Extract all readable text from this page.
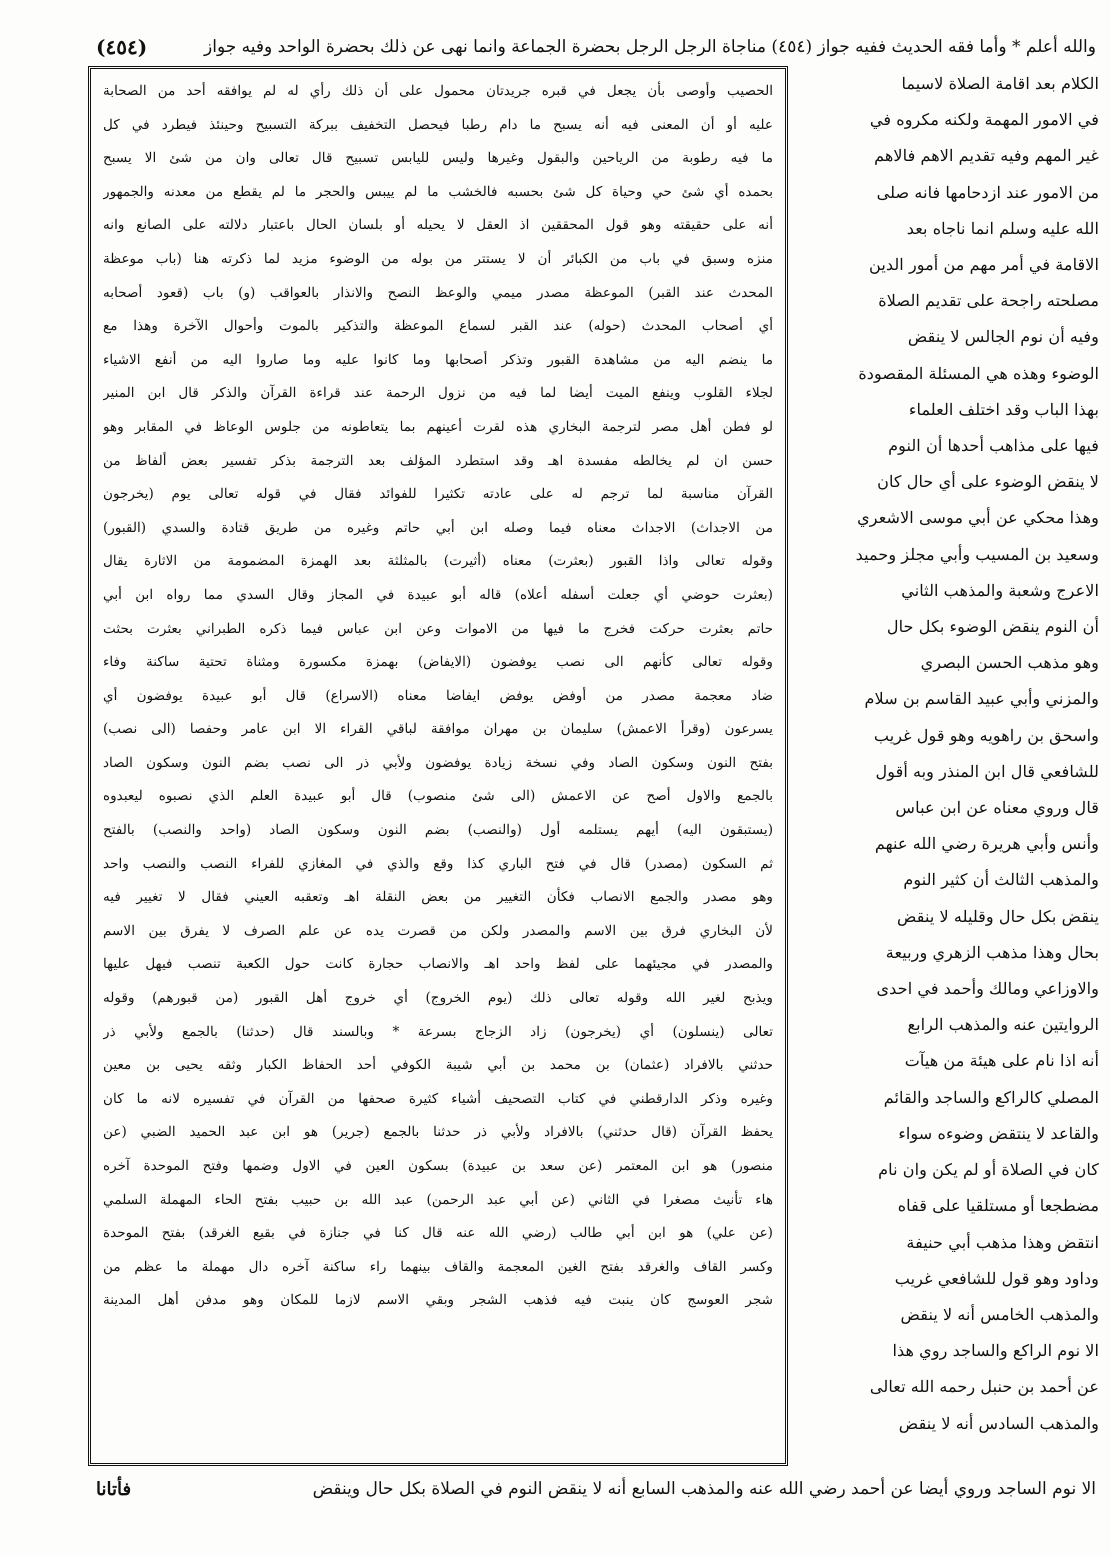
والله أعلم * وأما فقه الحديث ففيه جواز (٤٥٤) مناجاة الرجل الرجل بحضرة الجماعة وانما نهى عن ذلك بحضرة الواحد وفيه جواز
(٤٥٤)
الكلام بعد اقامة الصلاة لاسيما
في الامور المهمة ولكنه مكروه في
غير المهم وفيه تقديم الاهم فالاهم
من الامور عند ازدحامها فانه صلى
الله عليه وسلم انما ناجاه بعد
الاقامة في أمر مهم من أمور الدين
مصلحته راجحة على تقديم الصلاة
وفيه أن نوم الجالس لا ينقض
الوضوء وهذه هي المسئلة المقصودة
بهذا الباب وقد اختلف العلماء
فيها على مذاهب أحدها أن النوم
لا ينقض الوضوء على أي حال كان
وهذا محكي عن أبي موسى الاشعري
وسعيد بن المسيب وأبي مجلز وحميد
الاعرج وشعبة والمذهب الثاني
أن النوم ينقض الوضوء بكل حال
وهو مذهب الحسن البصري
والمزني وأبي عبيد القاسم بن سلام
واسحق بن راهويه وهو قول غريب
للشافعي قال ابن المنذر وبه أقول
قال وروي معناه عن ابن عباس
وأنس وأبي هريرة رضي الله عنهم
والمذهب الثالث أن كثير النوم
ينقض بكل حال وقليله لا ينقض
بحال وهذا مذهب الزهري وربيعة
والاوزاعي ومالك وأحمد في احدى
الروايتين عنه والمذهب الرابع
أنه اذا نام على هيئة من هيآت
المصلي كالراكع والساجد والقائم
والقاعد لا ينتقض وضوءه سواء
كان في الصلاة أو لم يكن وان نام
مضطجعا أو مستلقيا على قفاه
انتقض وهذا مذهب أبي حنيفة
وداود وهو قول للشافعي غريب
والمذهب الخامس أنه لا ينقض
الا نوم الراكع والساجد روي هذا
عن أحمد بن حنبل رحمه الله تعالى
والمذهب السادس أنه لا ينقض
الحصيب وأوصى بأن يجعل في قبره جريدتان محمول على أن ذلك رأي له لم يوافقه أحد من الصحابة
عليه أو أن المعنى فيه أنه يسبح ما دام رطبا فيحصل التخفيف ببركة التسبيح وحينئذ فيطرد في كل
ما فيه رطوبة من الرياحين والبقول وغيرها وليس لليابس تسبيح قال تعالى وان من شئ الا يسبح
بحمده أي شئ حي وحياة كل شئ بحسبه فالخشب ما لم ييبس والحجر ما لم يقطع من معدنه والجمهور
أنه على حقيقته وهو قول المحققين اذ العقل لا يحيله أو بلسان الحال باعتبار دلالته على الصانع وانه
منزه وسبق في باب من الكبائر أن لا يستتر من بوله من الوضوء مزيد لما ذكرته هنا (باب موعظة
المحدث عند القبر) الموعظة مصدر ميمي والوعظ النصح والانذار بالعواقب (و) باب (قعود أصحابه
أي أصحاب المحدث (حوله) عند القبر لسماع الموعظة والتذكير بالموت وأحوال الآخرة وهذا مع
ما ينضم اليه من مشاهدة القبور وتذكر أصحابها وما كانوا عليه وما صاروا اليه من أنفع الاشياء
لجلاء القلوب وينفع الميت أيضا لما فيه من نزول الرحمة عند قراءة القرآن والذكر قال ابن المنير
لو فطن أهل مصر لترجمة البخاري هذه لقرت أعينهم بما يتعاطونه من جلوس الوعاظ في المقابر وهو
حسن ان لم يخالطه مفسدة اهـ وقد استطرد المؤلف بعد الترجمة بذكر تفسير بعض ألفاظ من
القرآن مناسبة لما ترجم له على عادته تكثيرا للفوائد فقال في قوله تعالى يوم (يخرجون
من الاجداث) الاجداث معناه فيما وصله ابن أبي حاتم وغيره من طريق قتادة والسدي (القبور)
وقوله تعالى واذا القبور (بعثرت) معناه (أثيرت) بالمثلثة بعد الهمزة المضمومة من الاثارة يقال
(بعثرت حوضي أي جعلت أسفله أعلاه) قاله أبو عبيدة في المجاز وقال السدي مما رواه ابن أبي
حاتم بعثرت حركت فخرج ما فيها من الاموات وعن ابن عباس فيما ذكره الطبراني بعثرت بحثت
وقوله تعالى كأنهم الى نصب يوفضون (الايفاض) بهمزة مكسورة ومثناة تحتية ساكنة وفاء
ضاد معجمة مصدر من أوفض يوفض ايفاضا معناه (الاسراع) قال أبو عبيدة يوفضون أي
يسرعون (وقرأ الاعمش) سليمان بن مهران موافقة لباقي القراء الا ابن عامر وحفصا (الى نصب)
بفتح النون وسكون الصاد وفي نسخة زيادة يوفضون ولأبي ذر الى نصب بضم النون وسكون الصاد
بالجمع والاول أصح عن الاعمش (الى شئ منصوب) قال أبو عبيدة العلم الذي نصبوه ليعبدوه
(يستبقون اليه) أيهم يستلمه أول (والنصب) بضم النون وسكون الصاد (واحد والنصب) بالفتح
ثم السكون (مصدر) قال في فتح الباري كذا وقع والذي في المغازي للفراء النصب والنصب واحد
وهو مصدر والجمع الانصاب فكأن التغيير من بعض النقلة اهـ وتعقبه العيني فقال لا تغيير فيه
لأن البخاري فرق بين الاسم والمصدر ولكن من قصرت يده عن علم الصرف لا يفرق بين الاسم
والمصدر في مجيئهما على لفظ واحد اهـ والانصاب حجارة كانت حول الكعبة تنصب فيهل عليها
ويذبح لغير الله وقوله تعالى ذلك (يوم الخروج) أي خروج أهل القبور (من قبورهم) وقوله
تعالى (ينسلون) أي (يخرجون) زاد الزجاج بسرعة * وبالسند قال (حدثنا) بالجمع ولأبي ذر
حدثني بالافراد (عثمان) بن محمد بن أبي شيبة الكوفي أحد الحفاظ الكبار وثقه يحيى بن معين
وغيره وذكر الدارقطني في كتاب التصحيف أشياء كثيرة صحفها من القرآن في تفسيره لانه ما كان
يحفظ القرآن (قال حدثني) بالافراد ولأبي ذر حدثنا بالجمع (جرير) هو ابن عبد الحميد الضبي (عن
منصور) هو ابن المعتمر (عن سعد بن عبيدة) بسكون العين في الاول وضمها وفتح الموحدة آخره
هاء تأنيث مصغرا في الثاني (عن أبي عبد الرحمن) عبد الله بن حبيب بفتح الحاء المهملة السلمي
(عن علي) هو ابن أبي طالب (رضي الله عنه قال كنا في جنازة في بقيع الغرقد) بفتح الموحدة
وكسر القاف والغرقد بفتح الغين المعجمة والقاف بينهما راء ساكنة آخره دال مهملة ما عظم من
شجر العوسج كان ينبت فيه فذهب الشجر وبقي الاسم لازما للمكان وهو مدفن أهل المدينة
الا نوم الساجد وروي أيضا عن أحمد رضي الله عنه والمذهب السابع أنه لا ينقض النوم في الصلاة بكل حال وينقض
فأتانا
